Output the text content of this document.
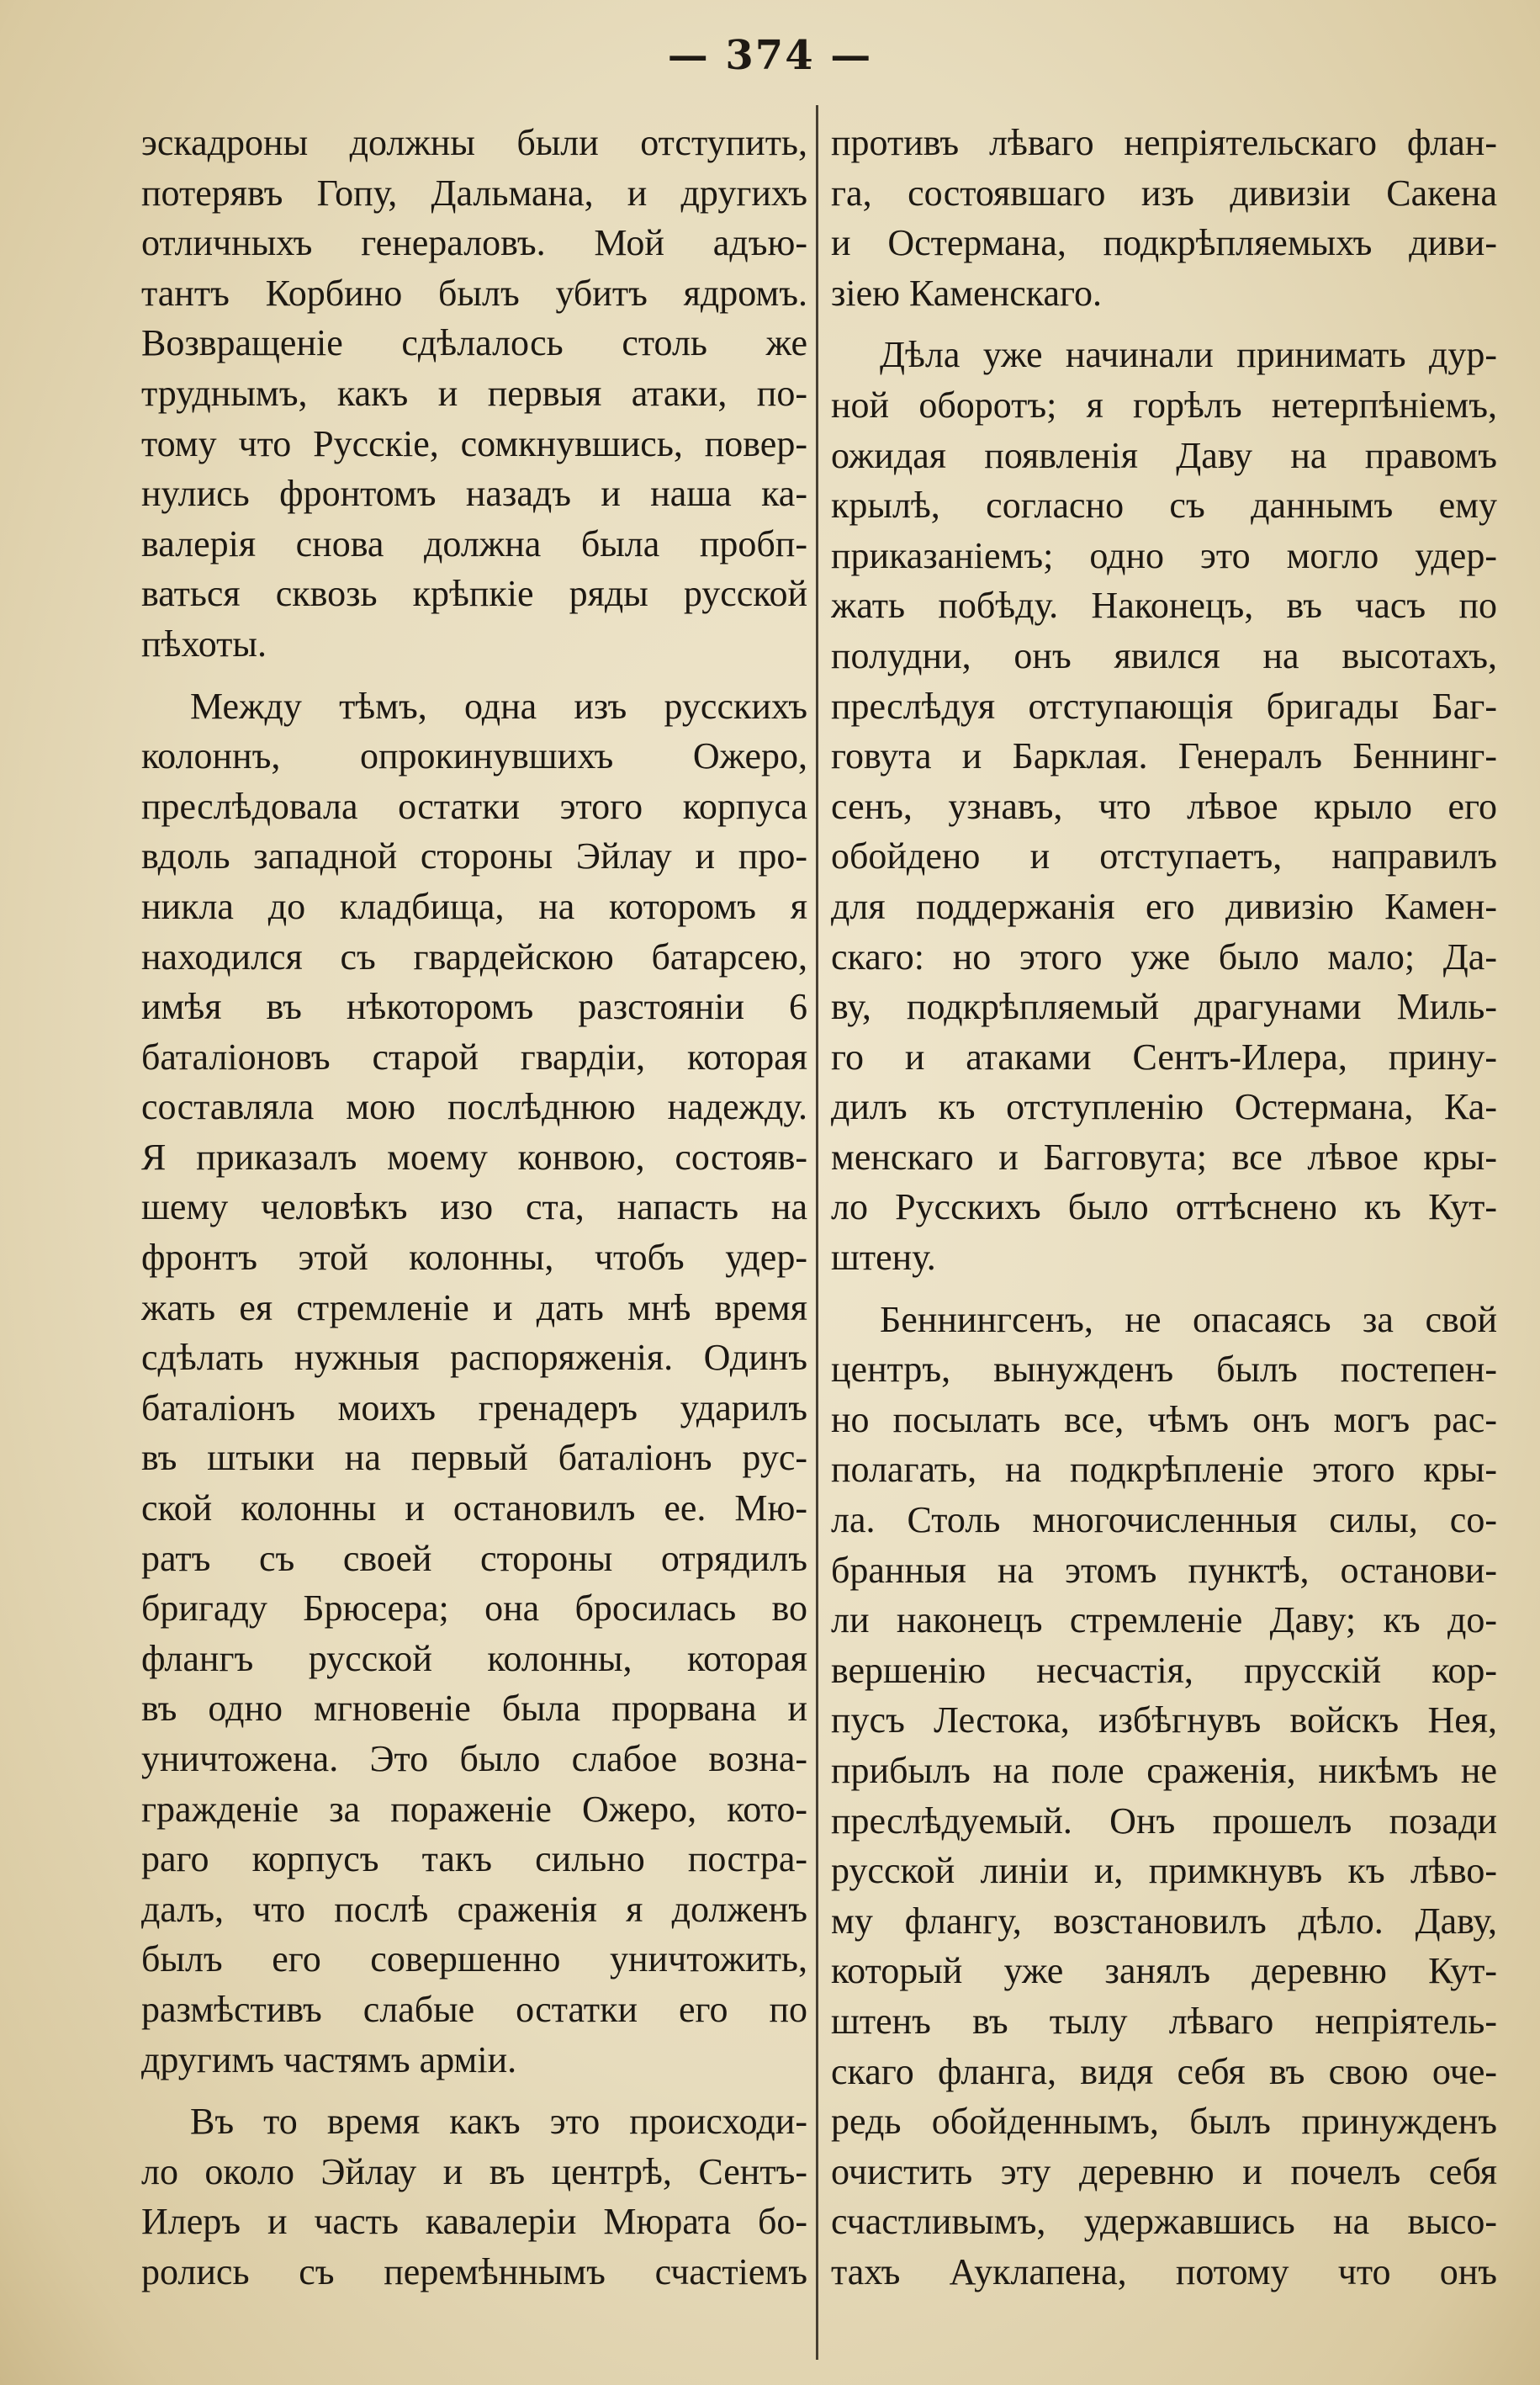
— 374 —
эскадроны должны были отступить,
потерявъ Гопу, Дальмана, и другихъ
отличныхъ генераловъ. Мой адъю-
тантъ Корбино былъ убитъ ядромъ.
Возвращеніе сдѣлалось столь же
труднымъ, какъ и первыя атаки, по-
тому что Русскіе, сомкнувшись, повер-
нулись фронтомъ назадъ и наша ка-
валерія снова должна была пробп-
ваться сквозь крѣпкіе ряды русской
пѣхоты.
Между тѣмъ, одна изъ русскихъ
колоннъ, опрокинувшихъ Ожеро,
преслѣдовала остатки этого корпуса
вдоль западной стороны Эйлау и про-
никла до кладбища, на которомъ я
находился съ гвардейскою батарсею,
имѣя въ нѣкоторомъ разстояніи 6
баталіоновъ старой гвардіи, которая
составляла мою послѣднюю надежду.
Я приказалъ моему конвою, состояв-
шему человѣкъ изо ста, напасть на
фронтъ этой колонны, чтобъ удер-
жать ея стремленіе и дать мнѣ время
сдѣлать нужныя распоряженія. Одинъ
баталіонъ моихъ гренадеръ ударилъ
въ штыки на первый баталіонъ рус-
ской колонны и остановилъ ее. Мю-
ратъ съ своей стороны отрядилъ
бригаду Брюсера; она бросилась во
флангъ русской колонны, которая
въ одно мгновеніе была прорвана и
уничтожена. Это было слабое возна-
гражденіе за пораженіе Ожеро, кото-
раго корпусъ такъ сильно постра-
далъ, что послѣ сраженія я долженъ
былъ его совершенно уничтожить,
размѣстивъ слабые остатки его по
другимъ частямъ арміи.
Въ то время какъ это происходи-
ло около Эйлау и въ центрѣ, Сентъ-
Илеръ и часть кавалеріи Мюрата бо-
ролись съ перемѣннымъ счастіемъ
противъ лѣваго непріятельскаго флан-
га, состоявшаго изъ дивизіи Сакена
и Остермана, подкрѣпляемыхъ диви-
зіею Каменскаго.
Дѣла уже начинали принимать дур-
ной оборотъ; я горѣлъ нетерпѣніемъ,
ожидая появленія Даву на правомъ
крылѣ, согласно съ даннымъ ему
приказаніемъ; одно это могло удер-
жать побѣду. Наконецъ, въ часъ по
полудни, онъ явился на высотахъ,
преслѣдуя отступающія бригады Баг-
говута и Барклая. Генералъ Беннинг-
сенъ, узнавъ, что лѣвое крыло его
обойдено и отступаетъ, направилъ
для поддержанія его дивизію Камен-
скаго: но этого уже было мало; Да-
ву, подкрѣпляемый драгунами Миль-
го и атаками Сентъ-Илера, прину-
дилъ къ отступленію Остермана, Ка-
менскаго и Багговута; все лѣвое кры-
ло Русскихъ было оттѣснено къ Кут-
штену.
Беннингсенъ, не опасаясь за свой
центръ, вынужденъ былъ постепен-
но посылать все, чѣмъ онъ могъ рас-
полагать, на подкрѣпленіе этого кры-
ла. Столь многочисленныя силы, со-
бранныя на этомъ пунктѣ, останови-
ли наконецъ стремленіе Даву; къ до-
вершенію несчастія, прусскій кор-
пусъ Лестока, избѣгнувъ войскъ Нея,
прибылъ на поле сраженія, никѣмъ не
преслѣдуемый. Онъ прошелъ позади
русской линіи и, примкнувъ къ лѣво-
му флангу, возстановилъ дѣло. Даву,
который уже занялъ деревню Кут-
штенъ въ тылу лѣваго непріятель-
скаго фланга, видя себя въ свою оче-
редь обойденнымъ, былъ принужденъ
очистить эту деревню и почелъ себя
счастливымъ, удержавшись на высо-
тахъ Ауклапена, потому что онъ
